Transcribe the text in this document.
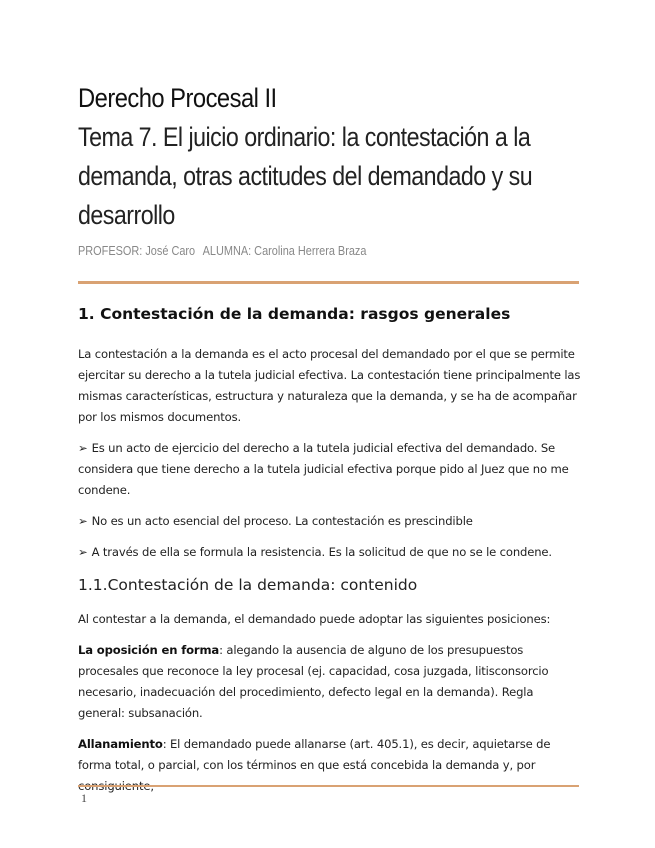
Derecho Procesal II
Tema 7. El juicio ordinario: la contestación a la demanda, otras actitudes del demandado y su desarrollo
PROFESOR: José Caro ALUMNA: Carolina Herrera Braza
1. Contestación de la demanda: rasgos generales

La contestación a la demanda es el acto procesal del demandado por el que se permite ejercitar su derecho a la tutela judicial efectiva. La contestación tiene principalmente las mismas características, estructura y naturaleza que la demanda, y se ha de acompañar por los mismos documentos.

➢ Es un acto de ejercicio del derecho a la tutela judicial efectiva del demandado. Se considera que tiene derecho a la tutela judicial efectiva porque pido al Juez que no me condene.

➢ No es un acto esencial del proceso. La contestación es prescindible

➢ A través de ella se formula la resistencia. Es la solicitud de que no se le condene.

1.1.Contestación de la demanda: contenido

Al contestar a la demanda, el demandado puede adoptar las siguientes posiciones:

La oposición en forma: alegando la ausencia de alguno de los presupuestos procesales que reconoce la ley procesal (ej. capacidad, cosa juzgada, litisconsorcio necesario, inadecuación del procedimiento, defecto legal en la demanda). Regla general: subsanación.

Allanamiento: El demandado puede allanarse (art. 405.1), es decir, aquietarse de forma total, o parcial, con los términos en que está concebida la demanda y, por

1
